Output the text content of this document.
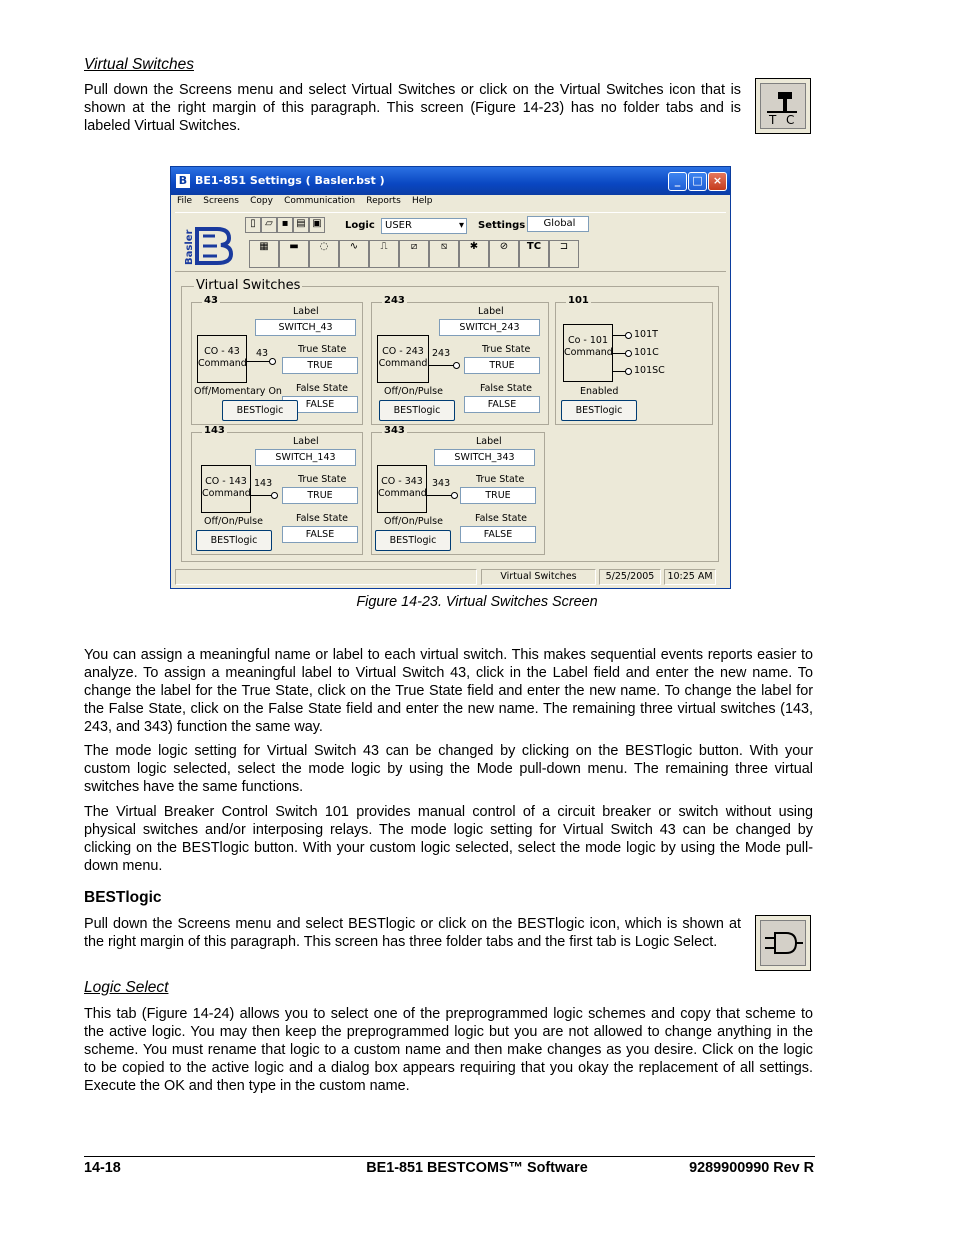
Virtual Switches

Pull down the Screens menu and select Virtual Switches or click on the Virtual Switches icon that is shown at the right margin of this paragraph. This screen (Figure 14-23) has no folder tabs and is labeled Virtual Switches.	T C
B BE1-851 Settings ( Basler.bst )	_	□ ×
File Screens Copy Communication Reports Help
Basler
▯ ▱ ▪ ▤ ▣	Logic	USER	▾ Settings	Global
▦	▬	◌	∿	⎍	⧄	⧅	✱	⊘	TC	⊐
Virtual Switches
43
Label
SWITCH_43
True State
TRUE
False State
FALSE
CO - 43 Command
43
Off/Momentary On
BESTlogic
243
Label
SWITCH_243
True State
TRUE
False State
FALSE
CO - 243 Command
243
Off/On/Pulse
BESTlogic
101
Co - 101 Command
101T
101C
101SC
Enabled
BESTlogic
143
Label
SWITCH_143
True State
TRUE
False State
FALSE
CO - 143 Command
143
Off/On/Pulse
BESTlogic
343
Label
SWITCH_343
True State
TRUE
False State
FALSE
CO - 343 Command
343
Off/On/Pulse
BESTlogic
Virtual Switches	5/25/2005	10:25 AM
Figure 14-23. Virtual Switches Screen

You can assign a meaningful name or label to each virtual switch. This makes sequential events reports easier to analyze. To assign a meaningful label to Virtual Switch 43, click in the Label field and enter the new name. To change the label for the True State, click on the True State field and enter the new name. To change the label for the False State, click on the False State field and enter the new name. The remaining three virtual switches (143, 243, and 343) function the same way.

The mode logic setting for Virtual Switch 43 can be changed by clicking on the BESTlogic button. With your custom logic selected, select the mode logic by using the Mode pull-down menu. The remaining three virtual switches have the same functions.

The Virtual Breaker Control Switch 101 provides manual control of a circuit breaker or switch without using physical switches and/or interposing relays. The mode logic setting for Virtual Switch 43 can be changed by clicking on the BESTlogic button. With your custom logic selected, select the mode logic by using the Mode pull-down menu.

BESTlogic

Pull down the Screens menu and select BESTlogic or click on the BESTlogic icon, which is shown at the right margin of this paragraph. This screen has three folder tabs and the first tab is Logic Select.

Logic Select

This tab (Figure 14-24) allows you to select one of the preprogrammed logic schemes and copy that scheme to the active logic. You may then keep the preprogrammed logic but you are not allowed to change anything in the scheme. You must rename that logic to a custom name and then make changes as you desire. Click on the logic to be copied to the active logic and a dialog box appears requiring that you okay the replacement of all settings. Execute the OK and then type in the custom name.

14-18	BE1-851 BESTCOMS™ Software	9289900990 Rev R
